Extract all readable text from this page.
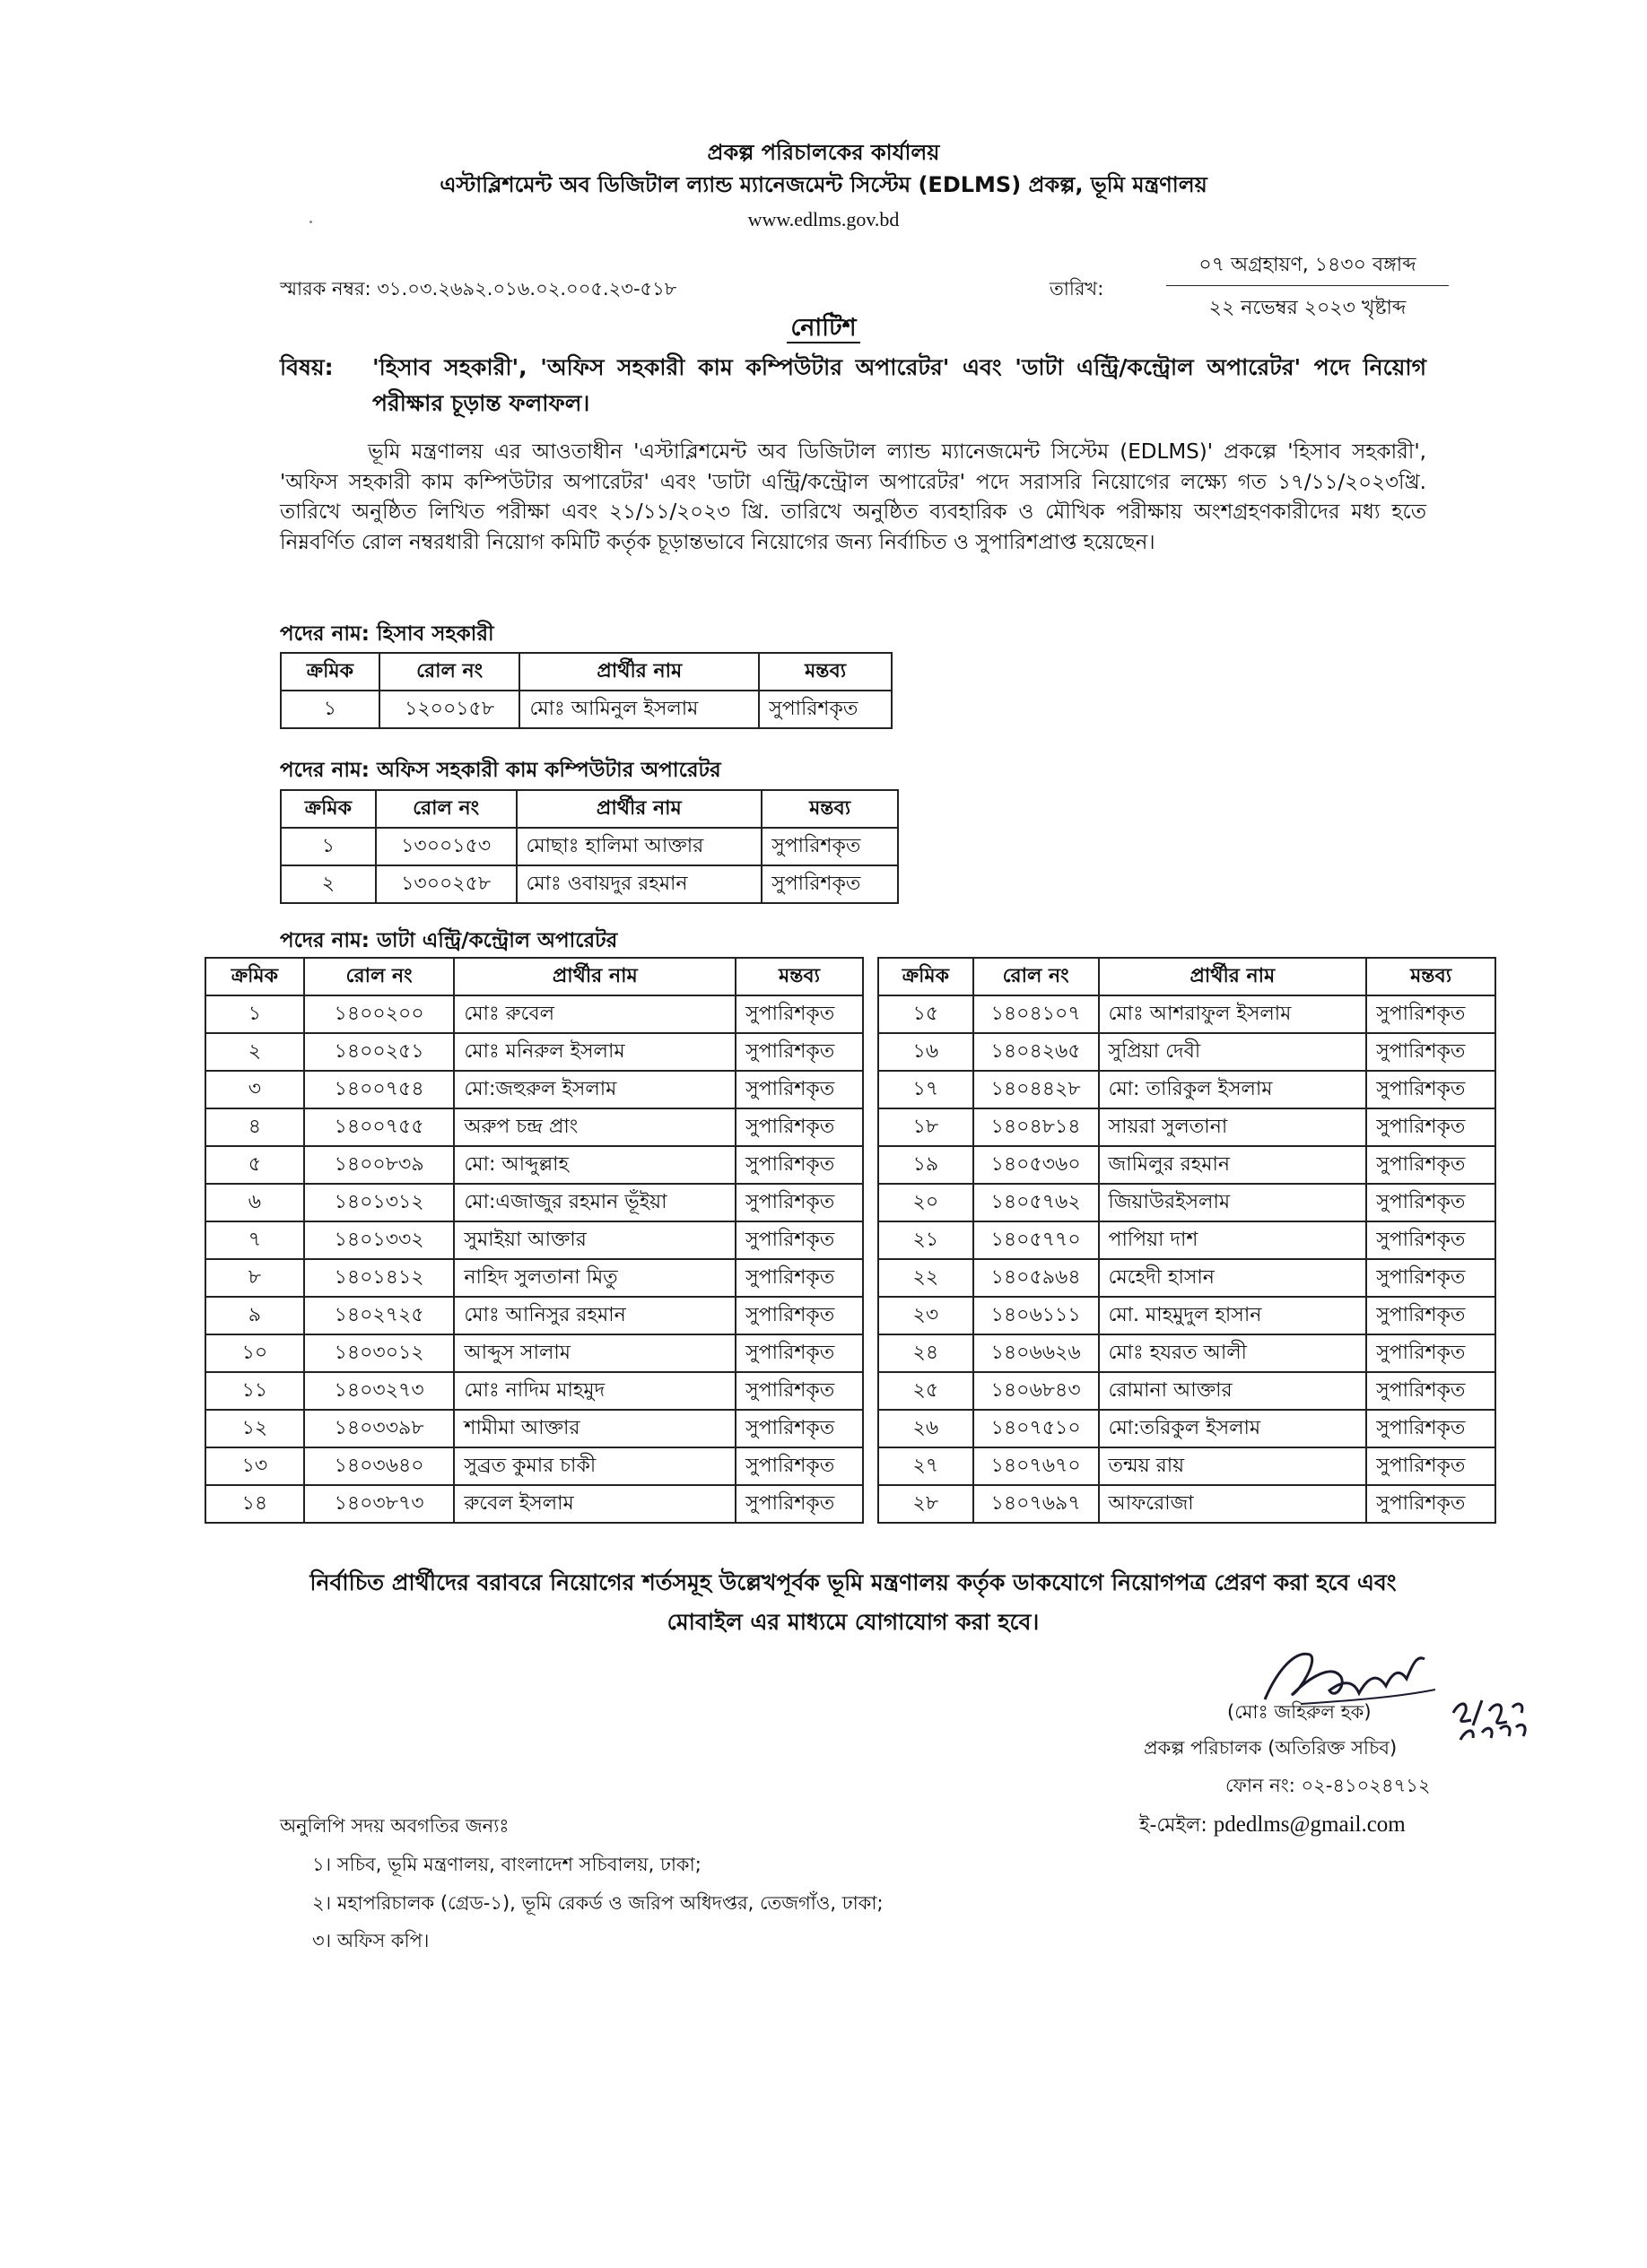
প্রকল্প পরিচালকের কার্যালয়
এস্টাব্লিশমেন্ট অব ডিজিটাল ল্যান্ড ম্যানেজমেন্ট সিস্টেম (EDLMS) প্রকল্প, ভূমি মন্ত্রণালয়
www.edlms.gov.bd
স্মারক নম্বর: ৩১.০৩.২৬৯২.০১৬.০২.০০৫.২৩-৫১৮	তারিখ:
০৭ অগ্রহায়ণ, ১৪৩০ বঙ্গাব্দ
২২ নভেম্বর ২০২৩ খৃষ্টাব্দ
নোটিশ
বিষয়: 'হিসাব সহকারী', 'অফিস সহকারী কাম কম্পিউটার অপারেটর' এবং 'ডাটা এন্ট্রি/কন্ট্রোল অপারেটর' পদে নিয়োগ পরীক্ষার চূড়ান্ত ফলাফল।
ভূমি মন্ত্রণালয় এর আওতাধীন 'এস্টাব্লিশমেন্ট অব ডিজিটাল ল্যান্ড ম্যানেজমেন্ট সিস্টেম (EDLMS)' প্রকল্পে 'হিসাব সহকারী', 'অফিস সহকারী কাম কম্পিউটার অপারেটর' এবং 'ডাটা এন্ট্রি/কন্ট্রোল অপারেটর' পদে সরাসরি নিয়োগের লক্ষ্যে গত ১৭/১১/২০২৩খ্রি. তারিখে অনুষ্ঠিত লিখিত পরীক্ষা এবং ২১/১১/২০২৩ খ্রি. তারিখে অনুষ্ঠিত ব্যবহারিক ও মৌখিক পরীক্ষায় অংশগ্রহণকারীদের মধ্য হতে নিম্নবর্ণিত রোল নম্বরধারী নিয়োগ কমিটি কর্তৃক চূড়ান্তভাবে নিয়োগের জন্য নির্বাচিত ও সুপারিশপ্রাপ্ত হয়েছেন।
পদের নাম: হিসাব সহকারী
ক্রমিক	রোল নং	প্রার্থীর নাম	মন্তব্য
১	১২০০১৫৮	মোঃ আমিনুল ইসলাম	সুপারিশকৃত
পদের নাম: অফিস সহকারী কাম কম্পিউটার অপারেটর
ক্রমিক	রোল নং	প্রার্থীর নাম	মন্তব্য
১	১৩০০১৫৩	মোছাঃ হালিমা আক্তার	সুপারিশকৃত
২	১৩০০২৫৮	মোঃ ওবায়দুর রহমান	সুপারিশকৃত
পদের নাম: ডাটা এন্ট্রি/কন্ট্রোল অপারেটর
ক্রমিক	রোল নং	প্রার্থীর নাম	মন্তব্য
১	১৪০০২০০	মোঃ রুবেল	সুপারিশকৃত
২	১৪০০২৫১	মোঃ মনিরুল ইসলাম	সুপারিশকৃত
৩	১৪০০৭৫৪	মো:জহুরুল ইসলাম	সুপারিশকৃত
৪	১৪০০৭৫৫	অরুপ চন্দ্র প্রাং	সুপারিশকৃত
৫	১৪০০৮৩৯	মো: আব্দুল্লাহ	সুপারিশকৃত
৬	১৪০১৩১২	মো:এজাজুর রহমান ভূঁইয়া	সুপারিশকৃত
৭	১৪০১৩৩২	সুমাইয়া আক্তার	সুপারিশকৃত
৮	১৪০১৪১২	নাহিদ সুলতানা মিতু	সুপারিশকৃত
৯	১৪০২৭২৫	মোঃ আনিসুর রহমান	সুপারিশকৃত
১০	১৪০৩০১২	আব্দুস সালাম	সুপারিশকৃত
১১	১৪০৩২৭৩	মোঃ নাদিম মাহমুদ	সুপারিশকৃত
১২	১৪০৩৩৯৮	শামীমা আক্তার	সুপারিশকৃত
১৩	১৪০৩৬৪০	সুব্রত কুমার চাকী	সুপারিশকৃত
১৪	১৪০৩৮৭৩	রুবেল ইসলাম	সুপারিশকৃত
ক্রমিক	রোল নং	প্রার্থীর নাম	মন্তব্য
১৫	১৪০৪১০৭	মোঃ আশরাফুল ইসলাম	সুপারিশকৃত
১৬	১৪০৪২৬৫	সুপ্রিয়া দেবী	সুপারিশকৃত
১৭	১৪০৪৪২৮	মো: তারিকুল ইসলাম	সুপারিশকৃত
১৮	১৪০৪৮১৪	সায়রা সুলতানা	সুপারিশকৃত
১৯	১৪০৫৩৬০	জামিলুর রহমান	সুপারিশকৃত
২০	১৪০৫৭৬২	জিয়াউরইসলাম	সুপারিশকৃত
২১	১৪০৫৭৭০	পাপিয়া দাশ	সুপারিশকৃত
২২	১৪০৫৯৬৪	মেহেদী হাসান	সুপারিশকৃত
২৩	১৪০৬১১১	মো. মাহমুদুল হাসান	সুপারিশকৃত
২৪	১৪০৬৬২৬	মোঃ হযরত আলী	সুপারিশকৃত
২৫	১৪০৬৮৪৩	রোমানা আক্তার	সুপারিশকৃত
২৬	১৪০৭৫১০	মো:তরিকুল ইসলাম	সুপারিশকৃত
২৭	১৪০৭৬৭০	তন্ময় রায়	সুপারিশকৃত
২৮	১৪০৭৬৯৭	আফরোজা	সুপারিশকৃত
নির্বাচিত প্রার্থীদের বরাবরে নিয়োগের শর্তসমূহ উল্লেখপূর্বক ভূমি মন্ত্রণালয় কর্তৃক ডাকযোগে নিয়োগপত্র প্রেরণ করা হবে এবং মোবাইল এর মাধ্যমে যোগাযোগ করা হবে।
(মোঃ জহিরুল হক)
প্রকল্প পরিচালক (অতিরিক্ত সচিব)
ফোন নং: ০২-৪১০২৪৭১২
ই-মেইল: pdedlms@gmail.com
অনুলিপি সদয় অবগতির জন্যঃ
১। সচিব, ভূমি মন্ত্রণালয়, বাংলাদেশ সচিবালয়, ঢাকা;
২। মহাপরিচালক (গ্রেড-১), ভূমি রেকর্ড ও জরিপ অধিদপ্তর, তেজগাঁও, ঢাকা;
৩। অফিস কপি।
